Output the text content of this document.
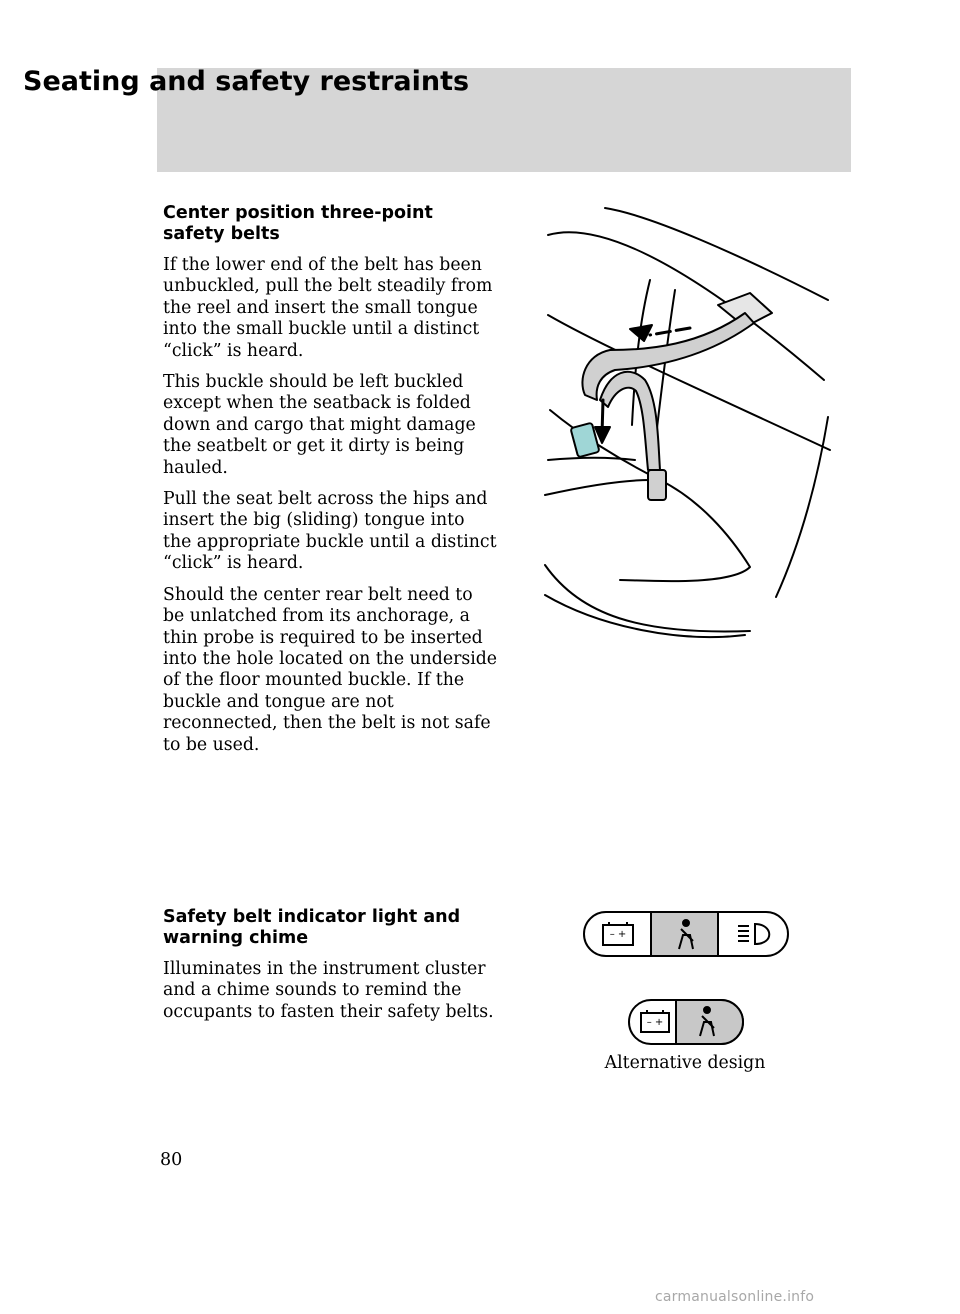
Seating and safety restraints
Center position three-point safety belts

If the lower end of the belt has been unbuckled, pull the belt steadily from the reel and insert the small tongue into the small buckle until a distinct “click” is heard.

This buckle should be left buckled except when the seatback is folded down and cargo that might damage the seatbelt or get it dirty is being hauled.

Pull the seat belt across the hips and insert the big (sliding) tongue into the appropriate buckle until a distinct “click” is heard.

Should the center rear belt need to be unlatched from its anchorage, a thin probe is required to be inserted into the hole located on the underside of the floor mounted buckle. If the buckle and tongue are not reconnected, then the belt is not safe to be used.

Safety belt indicator light and warning chime

Illuminates in the instrument cluster and a chime sounds to remind the occupants to fasten their safety belts.

– +
– +
Alternative design
80
carmanualsonline.info
